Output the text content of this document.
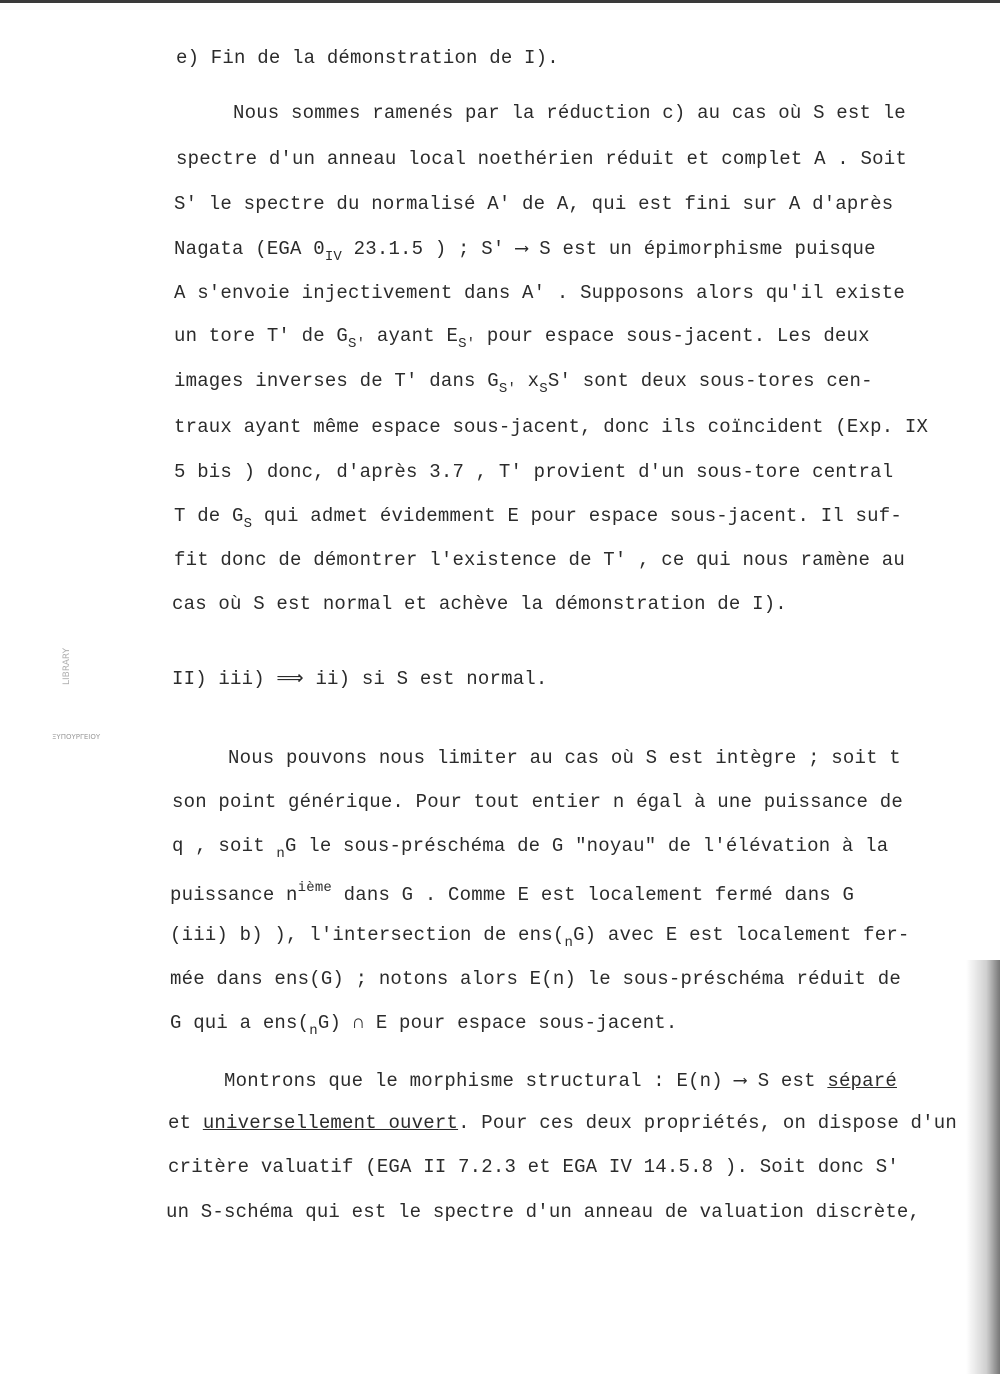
LIBRARY
ΞΥΠΟΥΡΓΕΙΟΥ
e) Fin de la démonstration de I).
Nous sommes ramenés par la réduction c) au cas où S est le
spectre d'un anneau local noethérien réduit et complet A . Soit
S' le spectre du normalisé A' de A, qui est fini sur A d'après
Nagata (EGA $0_{IV}$ 23.1.5 ) ; S' ⟶ S est un épimorphisme puisque
A s'envoie injectivement dans A' . Supposons alors qu'il existe
un tore T' de $G_{S'}$ ayant $E_{S'}$ pour espace sous-jacent. Les deux
images inverses de T' dans $G_{S'}$ $x_SS'$ sont deux sous-tores cen-
traux ayant même espace sous-jacent, donc ils coïncident (Exp. IX
5 bis ) donc, d'après 3.7 , T' provient d'un sous-tore central
T de $G_S$ qui admet évidemment E pour espace sous-jacent. Il suf-
fit donc de démontrer l'existence de T' , ce qui nous ramène au
cas où S est normal et achève la démonstration de I).
II) iii) ⟹ ii) si S est normal.
Nous pouvons nous limiter au cas où S est intègre ; soit t
son point générique. Pour tout entier n égal à une puissance de
q , soit $_n$G le sous-préschéma de G "noyau" de l'élévation à la
puissance $n^{ième}$ dans G . Comme E est localement fermé dans G
(iii) b) ), l'intersection de $ens(_nG)$ avec E est localement fer-
mée dans ens(G) ; notons alors E(n) le sous-préschéma réduit de
G qui a $ens(_nG)$ ∩ E pour espace sous-jacent.
Montrons que le morphisme structural : E(n) ⟶ S est séparé
et universellement ouvert. Pour ces deux propriétés, on dispose d'un
critère valuatif (EGA II 7.2.3 et EGA IV 14.5.8 ). Soit donc S'
un S-schéma qui est le spectre d'un anneau de valuation discrète,
